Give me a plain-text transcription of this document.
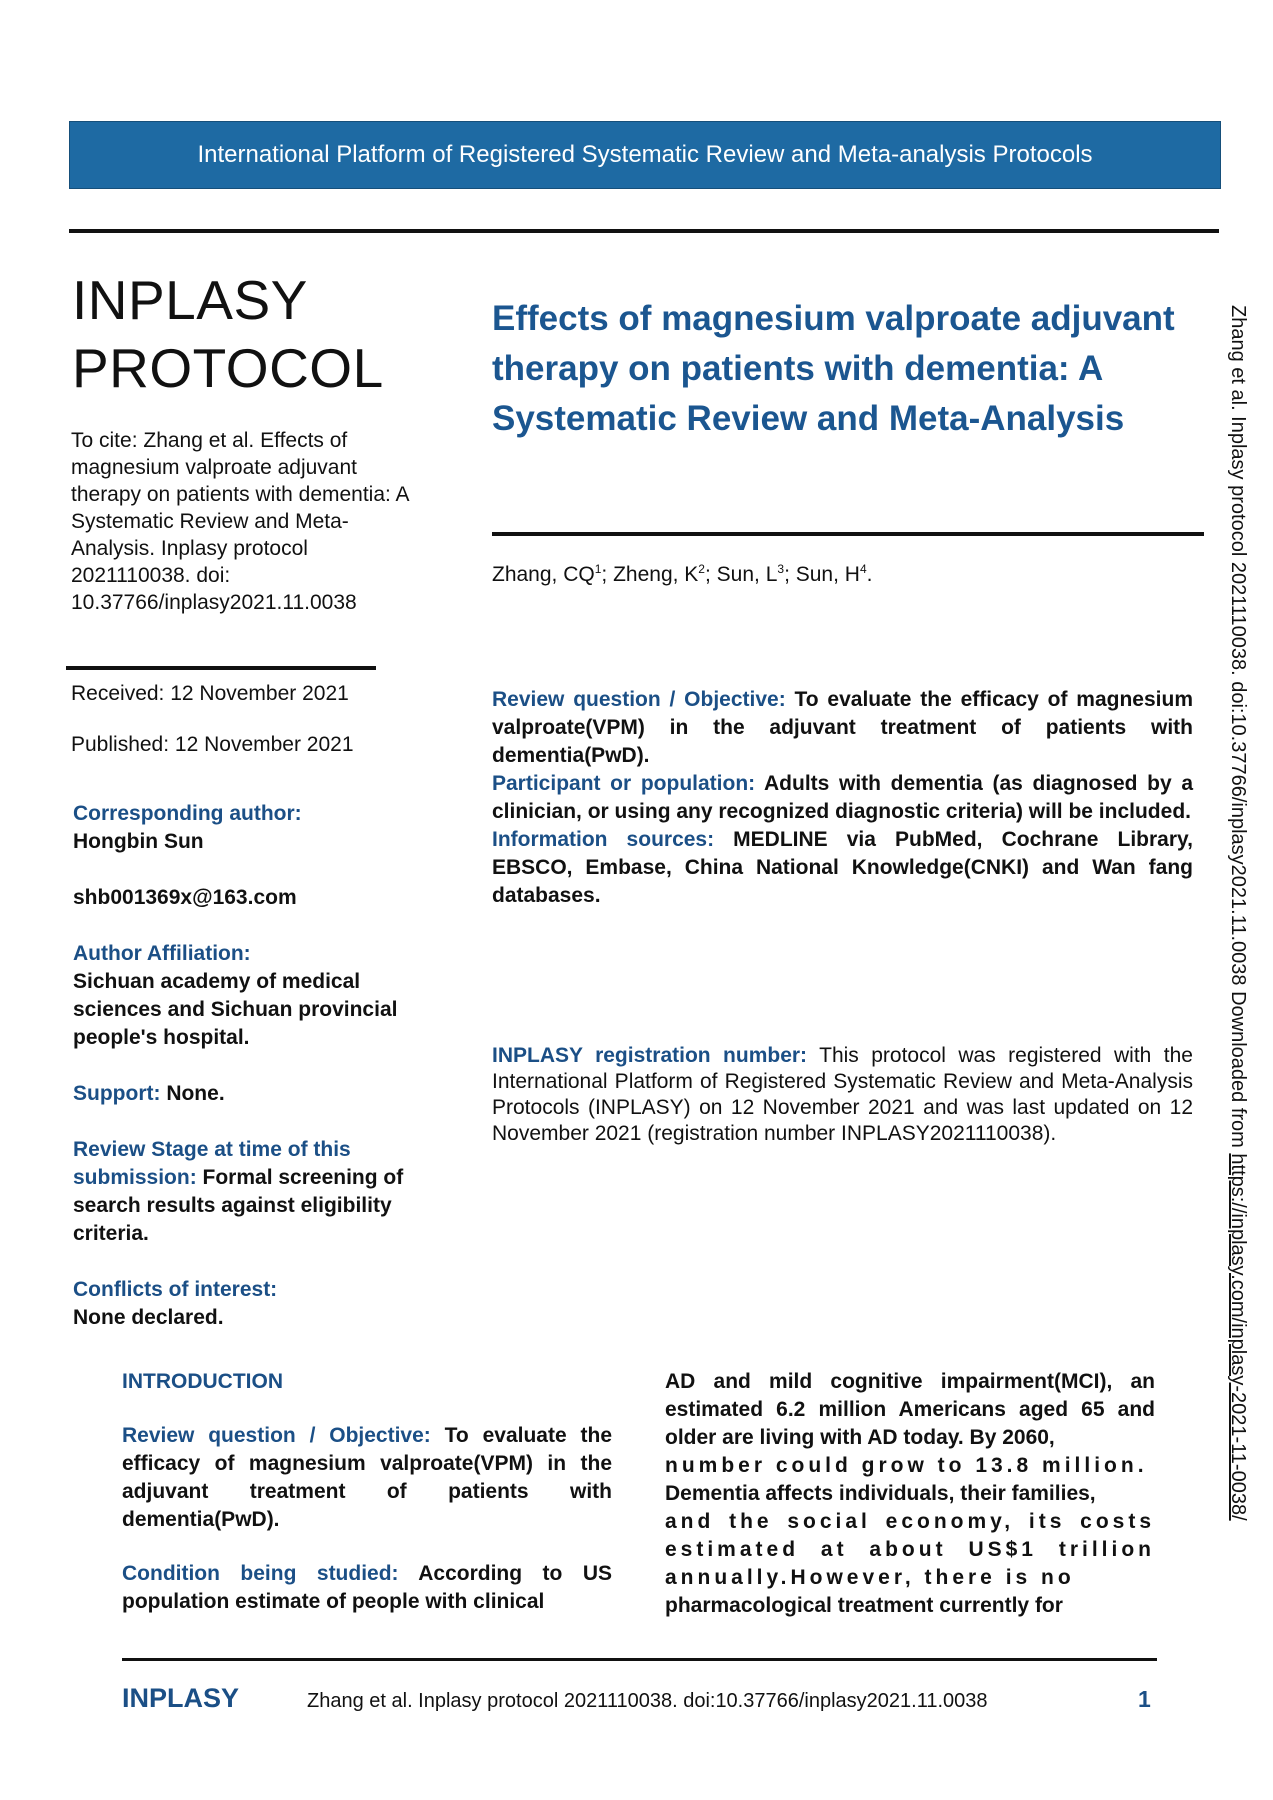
International Platform of Registered Systematic Review and Meta-analysis Protocols
INPLASY
PROTOCOL
To cite: Zhang et al. Effects of magnesium valproate adjuvant therapy on patients with dementia: A Systematic Review and Meta-Analysis. Inplasy protocol 2021110038. doi: 10.37766/inplasy2021.11.0038
Received: 12 November 2021
Published: 12 November 2021

Corresponding author:
Hongbin Sun

shb001369x@163.com

Author Affiliation:
Sichuan academy of medical sciences and Sichuan provincial people's hospital.

Support: None.

Review Stage at time of this submission: Formal screening of search results against eligibility criteria.

Conflicts of interest:
None declared.

Effects of magnesium valproate adjuvant therapy on patients with dementia: A Systematic Review and Meta-Analysis
Zhang, $CQ^1$; Zheng, $K^2$; Sun, $L^3$; Sun, $H^4$.
Review question / Objective: To evaluate the efficacy of magnesium valproate(VPM) in the adjuvant treatment of patients with dementia(PwD).
Participant or population: Adults with dementia (as diagnosed by a clinician, or using any recognized diagnostic criteria) will be included.
Information sources: MEDLINE via PubMed, Cochrane Library, EBSCO, Embase, China National Knowledge(CNKI) and Wan fang databases.
INPLASY registration number: This protocol was registered with the International Platform of Registered Systematic Review and Meta-Analysis Protocols (INPLASY) on 12 November 2021 and was last updated on 12 November 2021 (registration number INPLASY2021110038).	Zhang et al. Inplasy protocol 2021110038. doi:10.37766/inplasy2021.11.0038 Downloaded from https://inplasy.com/inplasy-2021-11-0038/

INTRODUCTION

Review question / Objective: To evaluate the efficacy of magnesium valproate(VPM) in the adjuvant treatment of patients with dementia(PwD).

Condition being studied: According to US population estimate of people with clinical

AD and mild cognitive impairment(MCI), an estimated 6.2 million Americans aged 65 and older are living with AD today. By 2060,

number could grow to 13.8 million.

Dementia affects individuals, their families,

and the social economy, its costs estimated at about US$1 trillion annually.However, there is no

pharmacological treatment currently for

INPLASY	Zhang et al. Inplasy protocol 2021110038. doi:10.37766/inplasy2021.11.0038	1
